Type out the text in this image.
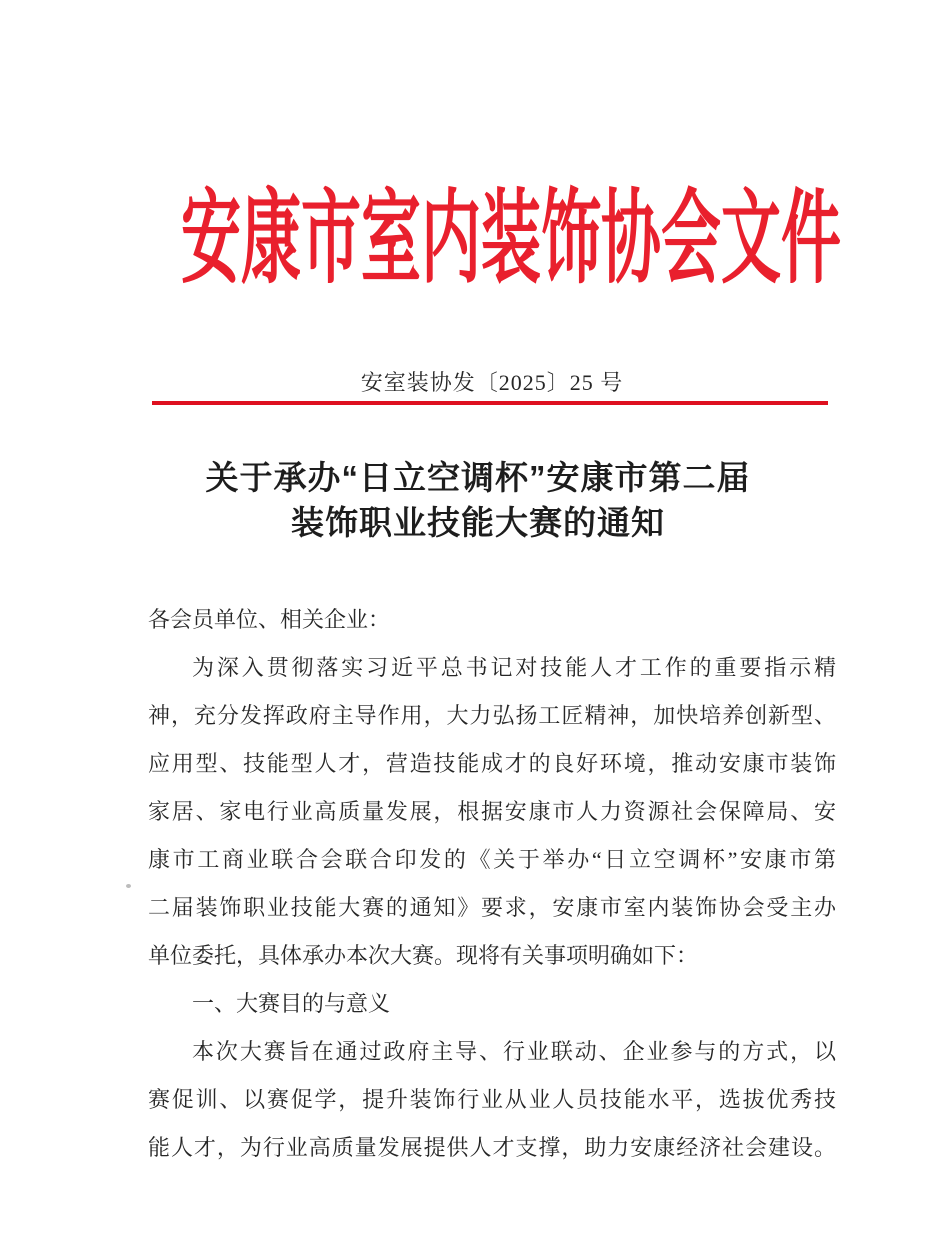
安康市室内装饰协会文件
安室装协发〔2025〕25 号
关于承办“日立空调杯”安康市第二届
装饰职业技能大赛的通知
各会员单位、相关企业：
为深入贯彻落实习近平总书记对技能人才工作的重要指示精
神，充分发挥政府主导作用，大力弘扬工匠精神，加快培养创新型、
应用型、技能型人才，营造技能成才的良好环境，推动安康市装饰
家居、家电行业高质量发展，根据安康市人力资源社会保障局、安
康市工商业联合会联合印发的《关于举办“日立空调杯”安康市第
二届装饰职业技能大赛的通知》要求，安康市室内装饰协会受主办
单位委托，具体承办本次大赛。现将有关事项明确如下：
一、大赛目的与意义
本次大赛旨在通过政府主导、行业联动、企业参与的方式，以
赛促训、以赛促学，提升装饰行业从业人员技能水平，选拔优秀技
能人才，为行业高质量发展提供人才支撑，助力安康经济社会建设。
